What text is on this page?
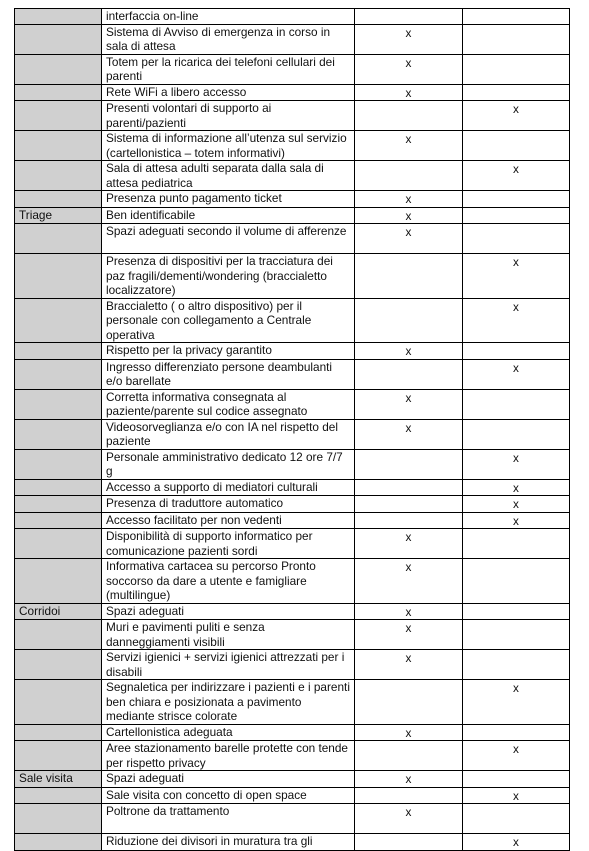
	interfaccia on-line		
	Sistema di Avviso di emergenza in corso in sala di attesa	x	
	Totem per la ricarica dei telefoni cellulari dei parenti	x	
	Rete WiFi a libero accesso	x	
	Presenti volontari di supporto ai parenti/pazienti		x
	Sistema di informazione all’utenza sul servizio (cartellonistica – totem informativi)	x	
	Sala di attesa adulti separata dalla sala di attesa pediatrica		x
	Presenza punto pagamento ticket	x	
Triage	Ben identificabile	x	
	Spazi adeguati secondo il volume di afferenze	x	
	Presenza di dispositivi per la tracciatura dei paz fragili/dementi/wondering (braccialetto localizzatore)		x
	Braccialetto ( o altro dispositivo) per il personale con collegamento a Centrale operativa		x
	Rispetto per la privacy garantito	x	
	Ingresso differenziato persone deambulanti e/o barellate		x
	Corretta informativa consegnata al paziente/parente sul codice assegnato	x	
	Videosorveglianza e/o con IA nel rispetto del paziente	x	
	Personale amministrativo dedicato 12 ore 7/7 g		x
	Accesso a supporto di mediatori culturali		x
	Presenza di traduttore automatico		x
	Accesso facilitato per non vedenti		x
	Disponibilità di supporto informatico per comunicazione pazienti sordi	x	
	Informativa cartacea su percorso Pronto soccorso da dare a utente e famigliare (multilingue)	x	
Corridoi	Spazi adeguati	x	
	Muri e pavimenti puliti e senza danneggiamenti visibili	x	
	Servizi igienici + servizi igienici attrezzati per i disabili	x	
	Segnaletica per indirizzare i pazienti e i parenti ben chiara e posizionata a pavimento mediante strisce colorate		x
	Cartellonistica adeguata	x	
	Aree stazionamento barelle protette con tende per rispetto privacy		x
Sale visita	Spazi adeguati	x	
	Sale visita con concetto di open space		x
	Poltrone da trattamento	x	
	Riduzione dei divisori in muratura tra gli		x
